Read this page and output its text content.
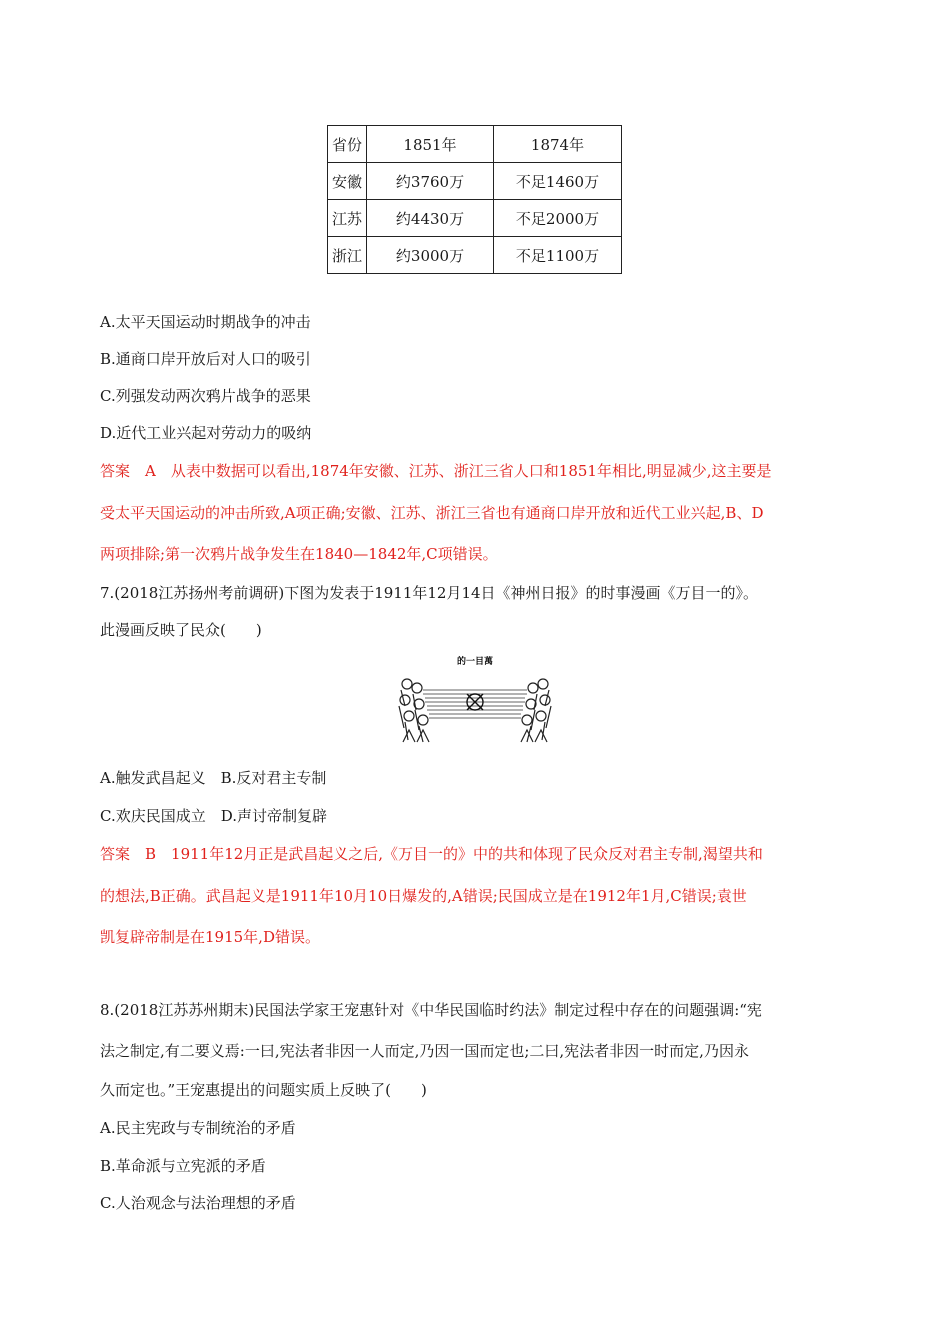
省份	1851年	1874年
安徽	约3760万	不足1460万
江苏	约4430万	不足2000万
浙江	约3000万	不足1100万
A.太平天国运动时期战争的冲击
B.通商口岸开放后对人口的吸引
C.列强发动两次鸦片战争的恶果
D.近代工业兴起对劳动力的吸纳
答案　A　从表中数据可以看出,1874年安徽、江苏、浙江三省人口和1851年相比,明显减少,这主要是
受太平天国运动的冲击所致,A项正确;安徽、江苏、浙江三省也有通商口岸开放和近代工业兴起,B、D
两项排除;第一次鸦片战争发生在1840—1842年,C项错误。
7.(2018江苏扬州考前调研)下图为发表于1911年12月14日《神州日报》的时事漫画《万目一的》。
此漫画反映了民众(　　)
的一目萬
A.触发武昌起义　B.反对君主专制
C.欢庆民国成立　D.声讨帝制复辟
答案　B　1911年12月正是武昌起义之后,《万目一的》中的共和体现了民众反对君主专制,渴望共和
的想法,B正确。武昌起义是1911年10月10日爆发的,A错误;民国成立是在1912年1月,C错误;袁世
凯复辟帝制是在1915年,D错误。
8.(2018江苏苏州期末)民国法学家王宠惠针对《中华民国临时约法》制定过程中存在的问题强调:“宪
法之制定,有二要义焉:一曰,宪法者非因一人而定,乃因一国而定也;二曰,宪法者非因一时而定,乃因永
久而定也。”王宠惠提出的问题实质上反映了(　　)
A.民主宪政与专制统治的矛盾
B.革命派与立宪派的矛盾
C.人治观念与法治理想的矛盾
